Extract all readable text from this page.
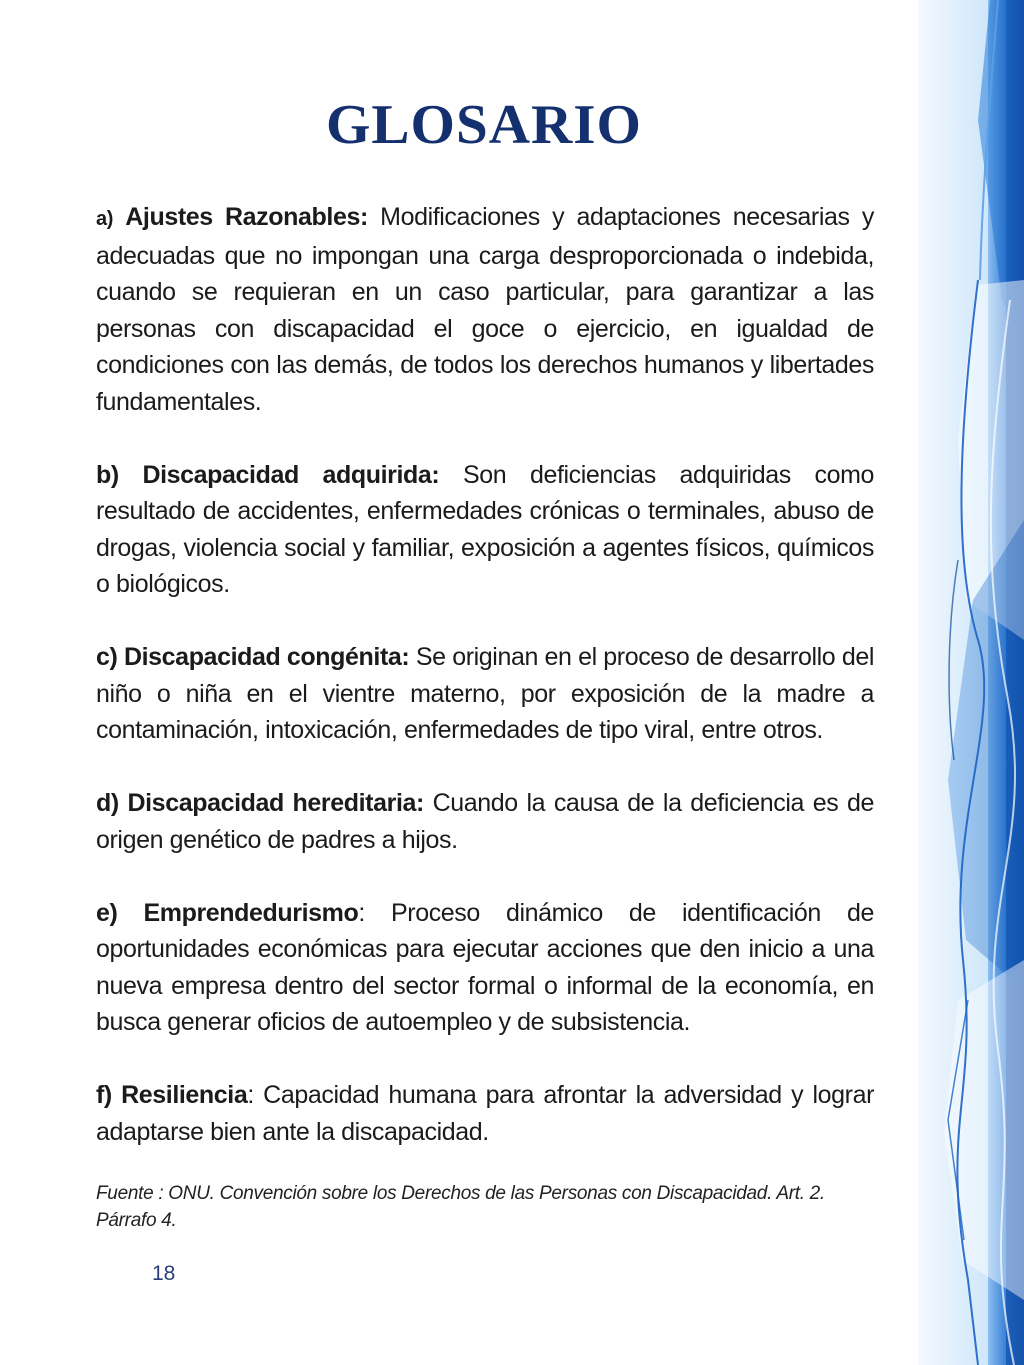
GLOSARIO

a) Ajustes Razonables: Modificaciones y adaptaciones necesarias y adecuadas que no impongan una carga desproporcionada o indebida, cuando se requieran en un caso particular, para garantizar a las personas con discapacidad el goce o ejercicio, en igualdad de condiciones con las demás, de todos los derechos humanos y libertades fundamentales.

b) Discapacidad adquirida: Son deficiencias adquiridas como resultado de accidentes, enfermedades crónicas o terminales, abuso de drogas, violencia social y familiar, exposición a agentes físicos, químicos o biológicos.

c) Discapacidad congénita: Se originan en el proceso de desarrollo del niño o niña en el vientre materno, por exposición de la madre a contaminación, intoxicación, enfermedades de tipo viral, entre otros.

d) Discapacidad hereditaria: Cuando la causa de la deficiencia es de origen genético de padres a hijos.

e) Emprendedurismo: Proceso dinámico de identificación de oportunidades económicas para ejecutar acciones que den inicio a una nueva empresa dentro del sector formal o informal de la economía, en busca generar oficios de autoempleo y de subsistencia.

f) Resiliencia: Capacidad humana para afrontar la adversidad y lograr adaptarse bien ante la discapacidad.

Fuente : ONU. Convención sobre los Derechos de las Personas con Discapacidad. Art. 2. Párrafo 4.
18
